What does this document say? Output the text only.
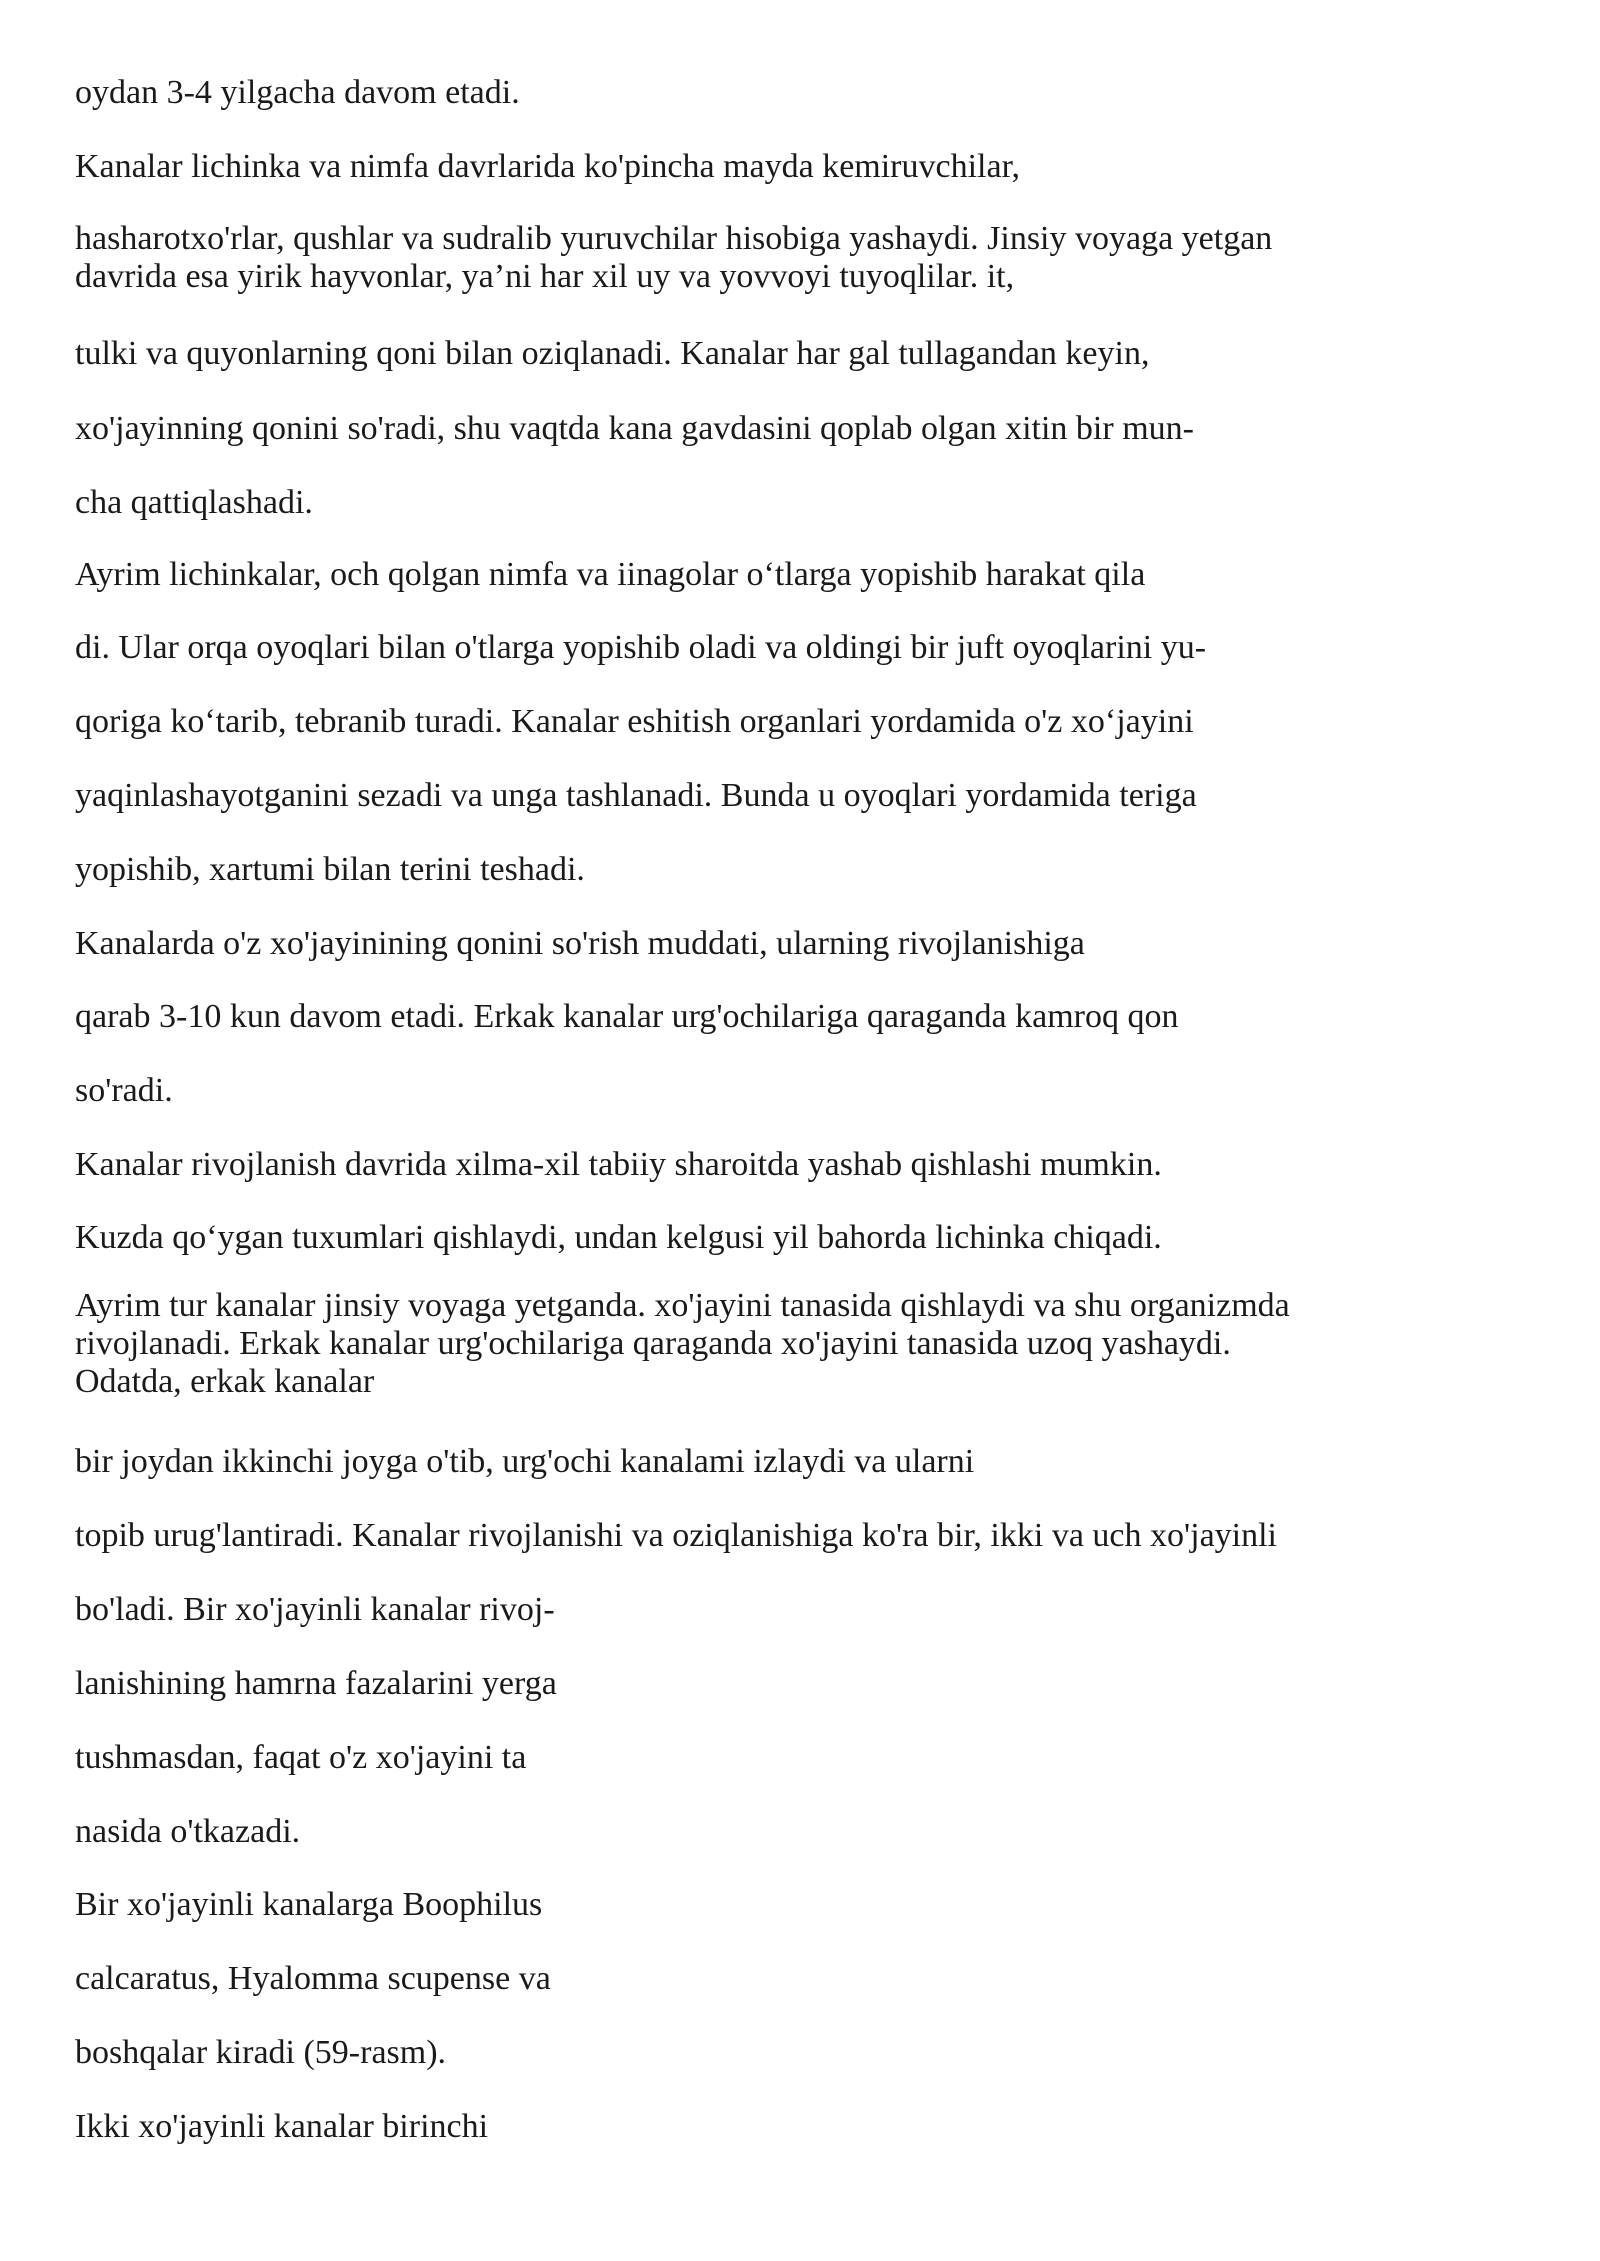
oydan 3-4 yilgacha davom etadi.

Kanalar lichinka va nimfa davrlarida ko'pincha mayda kemiruvchilar,

hasharotxo'rlar, qushlar va sudralib yuruvchilar hisobiga yashaydi. Jinsiy voyaga yetgan
davrida esa yirik hayvonlar, ya’ni har xil uy va yovvoyi tuyoqlilar. it,

tulki va quyonlarning qoni bilan oziqlanadi. Kanalar har gal tullagandan keyin,

xo'jayinning qonini so'radi, shu vaqtda kana gavdasini qoplab olgan xitin bir mun-

cha qattiqlashadi.

Ayrim lichinkalar, och qolgan nimfa va iinagolar o‘tlarga yopishib harakat qila

di. Ular orqa oyoqlari bilan o'tlarga yopishib oladi va oldingi bir juft oyoqlarini yu-

qoriga ko‘tarib, tebranib turadi. Kanalar eshitish organlari yordamida o'z xo‘jayini

yaqinlashayotganini sezadi va unga tashlanadi. Bunda u oyoqlari yordamida teriga

yopishib, xartumi bilan terini teshadi.

Kanalarda o'z xo'jayinining qonini so'rish muddati, ularning rivojlanishiga

qarab 3-10 kun davom etadi. Erkak kanalar urg'ochilariga qaraganda kamroq qon

so'radi.

Kanalar rivojlanish davrida xilma-xil tabiiy sharoitda yashab qishlashi mumkin.

Kuzda qo‘ygan tuxumlari qishlaydi, undan kelgusi yil bahorda lichinka chiqadi.

Ayrim tur kanalar jinsiy voyaga yetganda. xo'jayini tanasida qishlaydi va shu organizmda
rivojlanadi. Erkak kanalar urg'ochilariga qaraganda xo'jayini tanasida uzoq yashaydi.
Odatda, erkak kanalar

bir joydan ikkinchi joyga o'tib, urg'ochi kanalami izlaydi va ularni

topib urug'lantiradi. Kanalar rivojlanishi va oziqlanishiga ko'ra bir, ikki va uch xo'jayinli

bo'ladi. Bir xo'jayinli kanalar rivoj-

lanishining hamrna fazalarini yerga

tushmasdan, faqat o'z xo'jayini ta

nasida o'tkazadi.

Bir xo'jayinli kanalarga Boophilus

calcaratus, Hyalomma scupense va

boshqalar kiradi (59-rasm).

Ikki xo'jayinli kanalar birinchi
